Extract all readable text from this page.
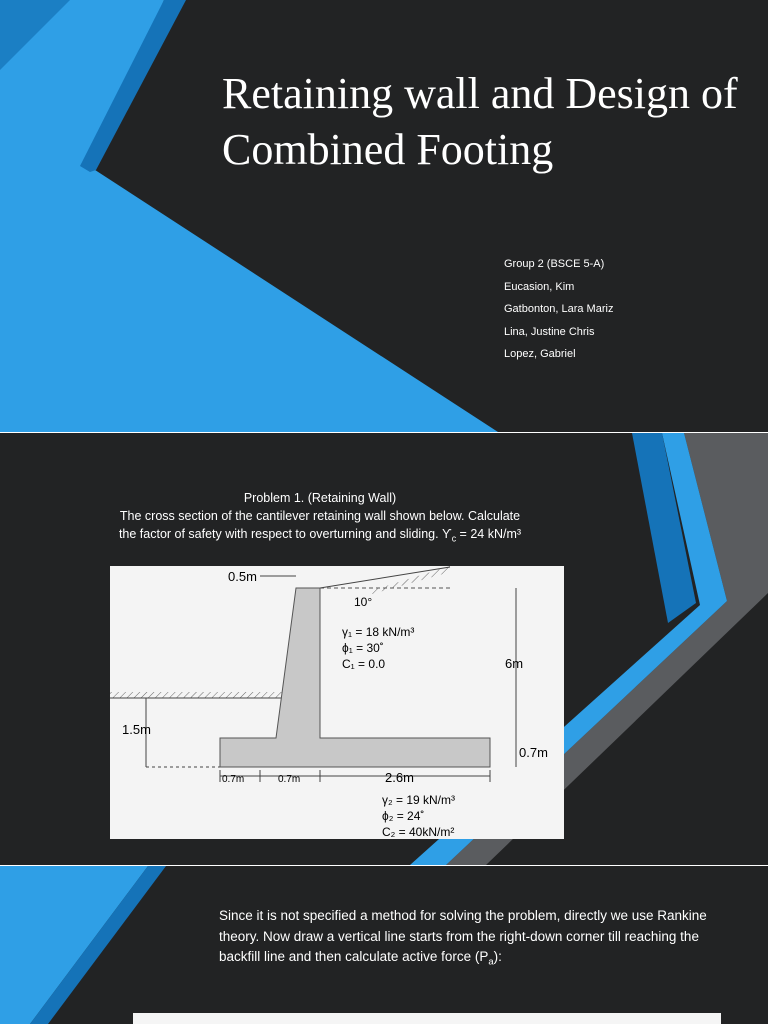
Retaining wall and Design of Combined Footing
Group 2 (BSCE 5-A)
Eucasion, Kim
Gatbonton, Lara Mariz
Lina, Justine Chris
Lopez, Gabriel
Problem 1. (Retaining Wall)
The cross section of the cantilever retaining wall shown below. Calculate
the factor of safety with respect to overturning and sliding. $ϒ_c = 24$ kN/m³
0.5m
10°
γ₁ = 18 kN/m³
ϕ₁ = 30˚
C₁ = 0.0	6m
1.5m
0.7m
0.7m	0.7m	2.6m
γ₂ = 19 kN/m³
ϕ₂ = 24˚
C₂ = 40kN/m²

Since it is not specified a method for solving the problem, directly we use Rankine theory. Now draw a vertical line starts from the right-down corner till reaching the backfill line and then calculate active force $(P_a)$:
